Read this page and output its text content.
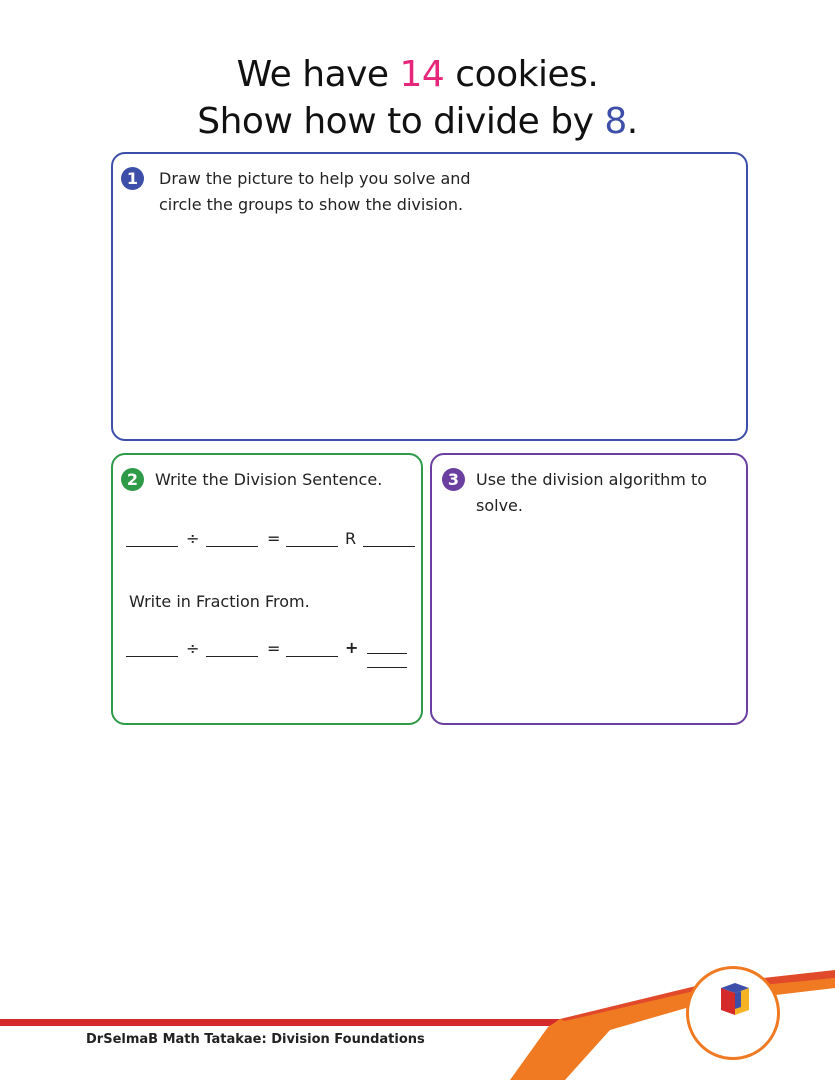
We have 14 cookies.
Show how to divide by 8.
1	Draw the picture to help you solve and
circle the groups to show the division.
2	Write the Division Sentence.
÷	=	R
Write in Fraction From.
÷	=	+
3	Use the division algorithm to solve.
DrSelmaB Math Tatakae: Division Foundations
